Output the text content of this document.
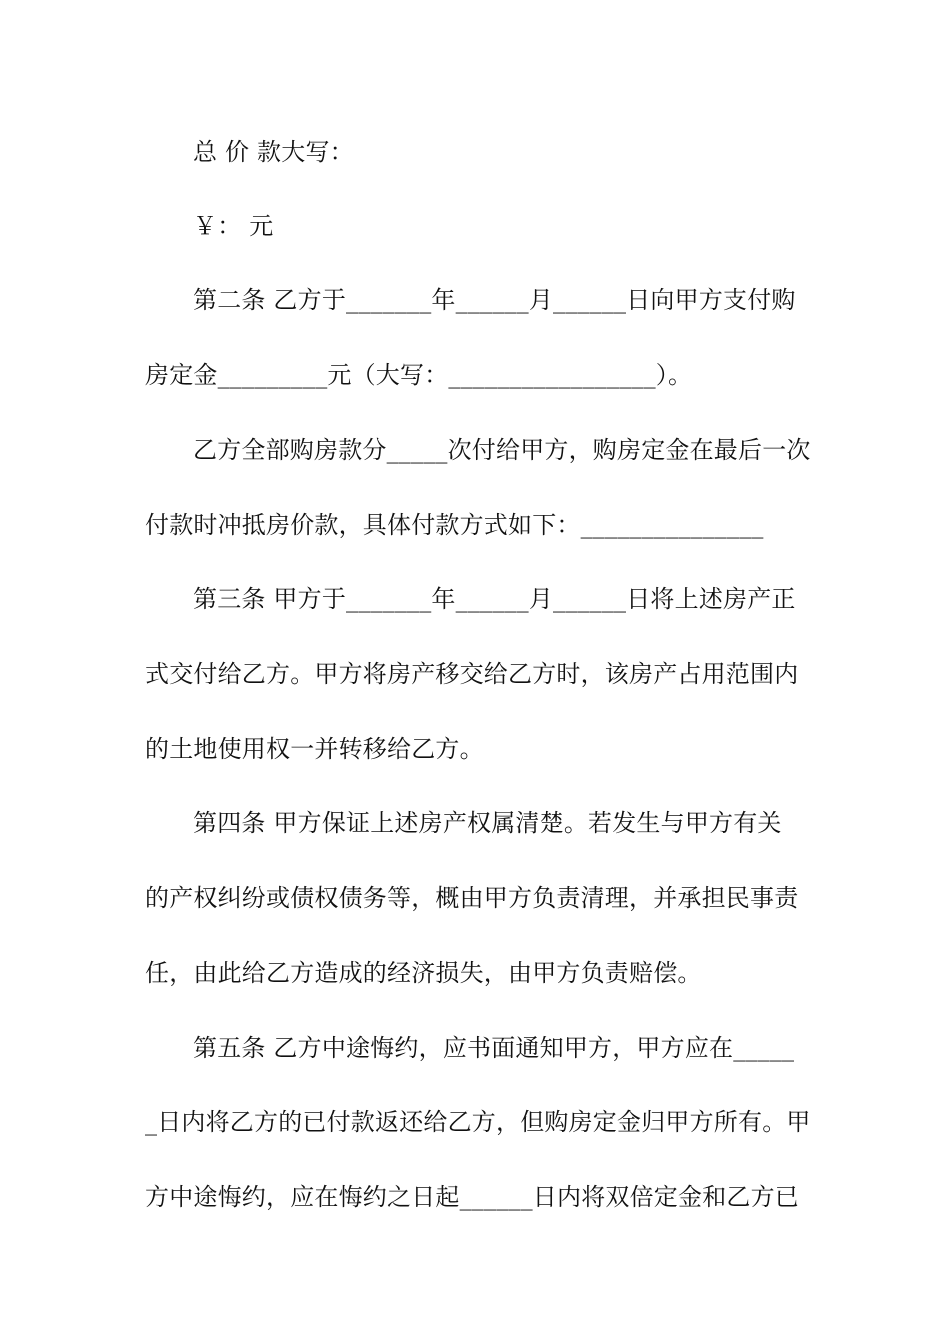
总 价 款大写：
￥： 元
第二条 乙方于_______年______月______日向甲方支付购
房定金_________元（大写：_________________）。
乙方全部购房款分_____次付给甲方，购房定金在最后一次
付款时冲抵房价款，具体付款方式如下：_______________
第三条 甲方于_______年______月______日将上述房产正
式交付给乙方。甲方将房产移交给乙方时，该房产占用范围内
的土地使用权一并转移给乙方。
第四条 甲方保证上述房产权属清楚。若发生与甲方有关
的产权纠纷或债权债务等，概由甲方负责清理，并承担民事责
任，由此给乙方造成的经济损失，由甲方负责赔偿。
第五条 乙方中途悔约，应书面通知甲方，甲方应在_____
_日内将乙方的已付款返还给乙方，但购房定金归甲方所有。甲
方中途悔约，应在悔约之日起______日内将双倍定金和乙方已
